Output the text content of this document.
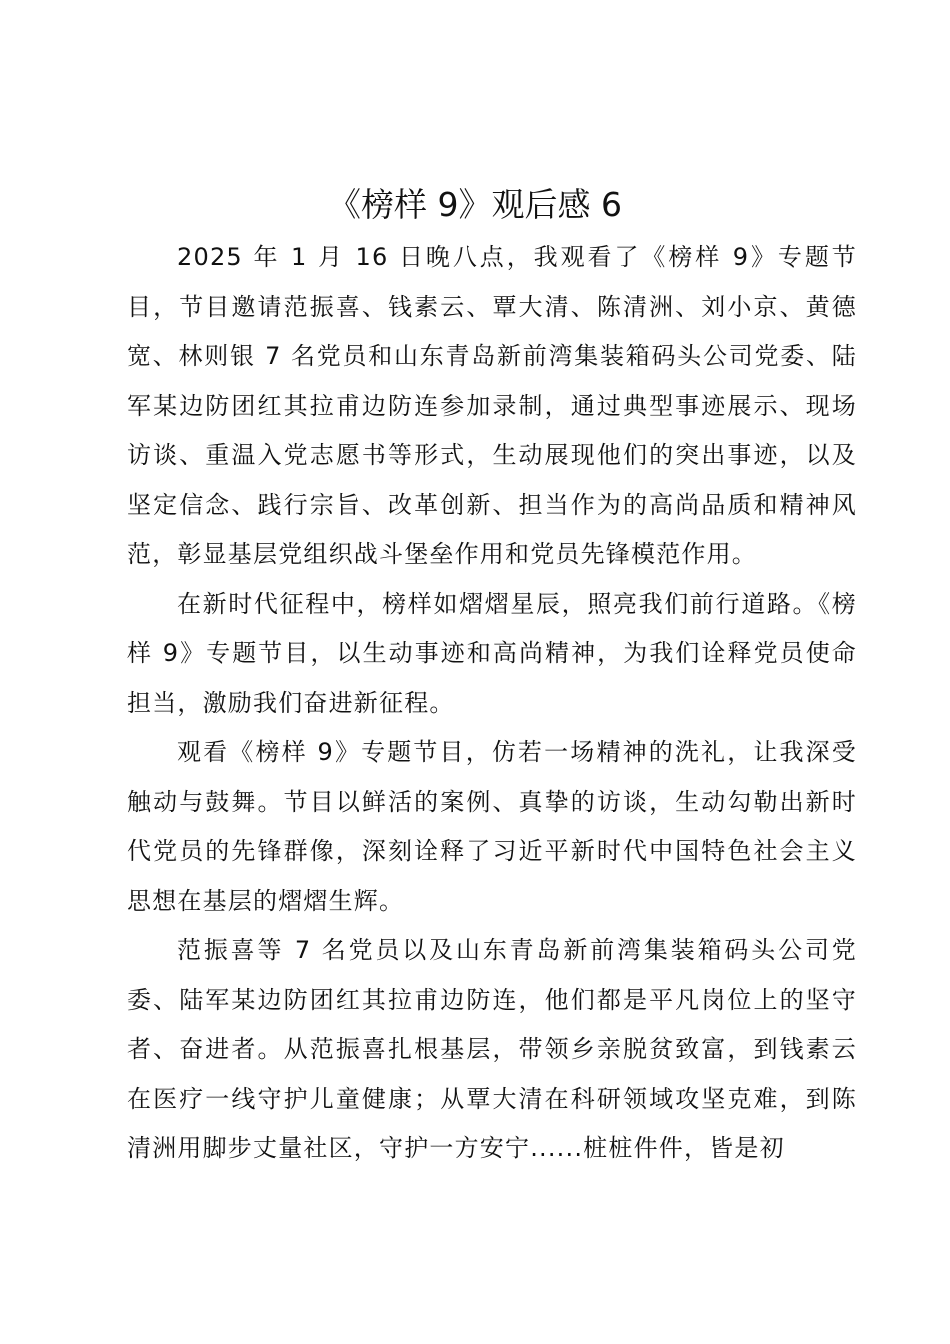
《榜样 9》观后感 6

2025 年 1 月 16 日晚八点，我观看了《榜样 9》专题节目，节目邀请范振喜、钱素云、覃大清、陈清洲、刘小京、黄德宽、林则银 7 名党员和山东青岛新前湾集装箱码头公司党委、陆军某边防团红其拉甫边防连参加录制，通过典型事迹展示、现场访谈、重温入党志愿书等形式，生动展现他们的突出事迹，以及坚定信念、践行宗旨、改革创新、担当作为的高尚品质和精神风范，彰显基层党组织战斗堡垒作用和党员先锋模范作用。

在新时代征程中，榜样如熠熠星辰，照亮我们前行道路。《榜样 9》专题节目，以生动事迹和高尚精神，为我们诠释党员使命担当，激励我们奋进新征程。

观看《榜样 9》专题节目，仿若一场精神的洗礼，让我深受触动与鼓舞。节目以鲜活的案例、真挚的访谈，生动勾勒出新时代党员的先锋群像，深刻诠释了习近平新时代中国特色社会主义思想在基层的熠熠生辉。

范振喜等 7 名党员以及山东青岛新前湾集装箱码头公司党委、陆军某边防团红其拉甫边防连，他们都是平凡岗位上的坚守者、奋进者。从范振喜扎根基层，带领乡亲脱贫致富，到钱素云在医疗一线守护儿童健康；从覃大清在科研领域攻坚克难，到陈清洲用脚步丈量社区，守护一方安宁......桩桩件件，皆是初
